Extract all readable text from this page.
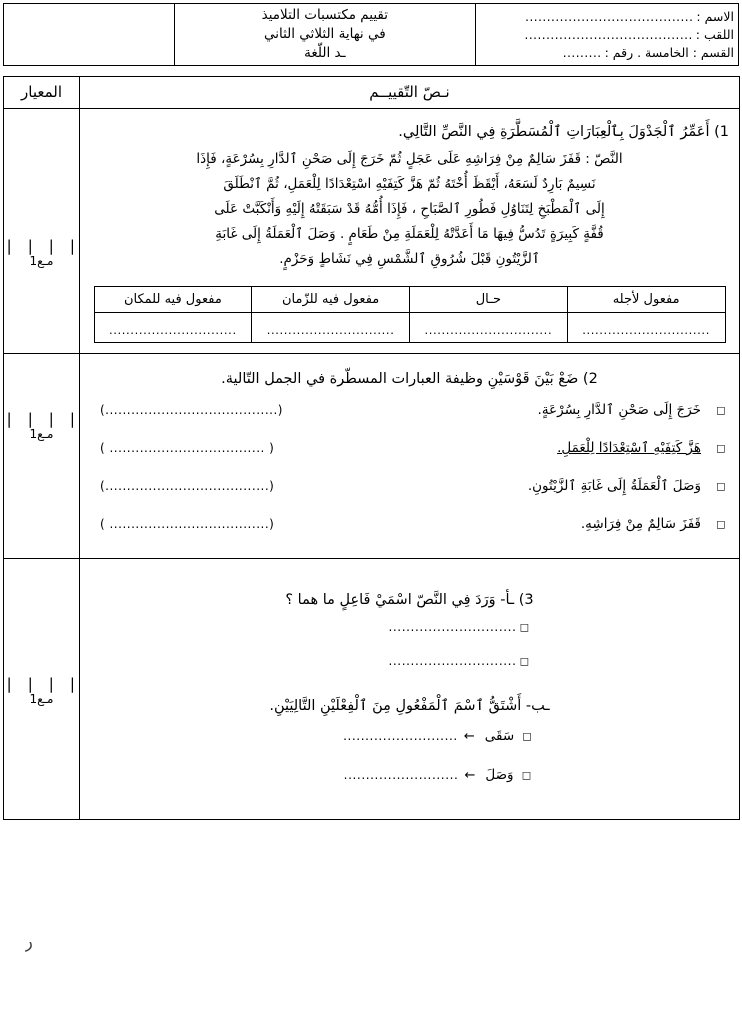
الاسم :
.......................................
اللقب :
.......................................
القسم : الخامسة . رقم :
.........

تقييم مكتسبات التلاميذ
في نهاية الثلاثي الثاني
ـد اللّغة

نـصّ التّقييــم	المعيار

1) أَعَمِّرُ ٱلْجَدْوَلَ بِٱلْعِبَارَاتِ ٱلْمُسَطَّرَةِ فِي النَّصِّ التَّالِي.
النَّصّ : قَفَزَ سَالِمٌ مِنْ فِرَاشِهِ عَلَى عَجَلٍ ثُمّ خَرَجَ إِلَى صَحْنِ ٱلدَّارِ بِسُرْعَةٍ، فَإِذَا
نَسِيمٌ بَارِدٌ لَسَعَهُ، أَيْقَظَ أُخْتَهُ ثُمّ هَزَّ كَتِفَيْهِ اسْتِعْدَادًا لِلْعَمَلِ، ثُمَّ ٱنْطَلَقَ
إِلَى ٱلْمَطْبَخِ لِتَنَاوُلِ فَطُورِ ٱلصَّبَاحِ ، فَإِذَا أُمُّهُ قَدْ سَبَقَتْهُ إِلَيْهِ وَأَنْكَبَّتْ عَلَى
قُفَّةٍ كَبِيرَةٍ تَدُسُّ فِيهَا مَا أَعَدَّتْهُ لِلْعَمَلَةِ مِنْ طَعَامٍ . وَصَلَ ٱلْعَمَلَةُ إِلَى غَابَةِ
ٱلزَّيْتُونِ قَبْلَ شُرُوقِ ٱلشَّمْسِ فِي نَشَاطٍ وَحَزْمٍ.
مفعول لأجله	حـال	مفعول فيه للزّمان	مفعول فيه للمكان
..............................	..............................	..............................	..............................

| | | |
مـع1

2) ضَعْ بَيْنَ قَوْسَيْنِ وظيفة العبارات المسطّرة في الجمل التّالية.
◻
خَرَجَ إِلَى صَحْنِ ٱلدَّارِ بِسُرْعَةٍ.
(........................................)
◻
هَزَّ كَتِفَيْهِ ٱسْتِعْدَادًا لِلْعَمَلِ.
( .................................... )
◻
وَصَلَ ٱلْعَمَلَةُ إِلَى غَابَةِ ٱلزَّيْتُونِ.
(......................................)
◻
قَفَزَ سَالِمٌ مِنْ فِرَاشِهِ.
(..................................... )

| | | |
مـع1

3) ـأ- وَرَدَ فِي النَّصّ اسْمَيْ فَاعِلٍ ما هما ؟
◻
.............................
◻
.............................
ـب- أَشْتَقُّ ٱسْمَ ٱلْمَفْعُولِ مِنَ ٱلْفِعْلَيْنِ التَّالِيَيْنِ.
◻
سَقَى
←
..........................
◻
وَصَلَ
←
..........................

| | | |
مـع1
ر
